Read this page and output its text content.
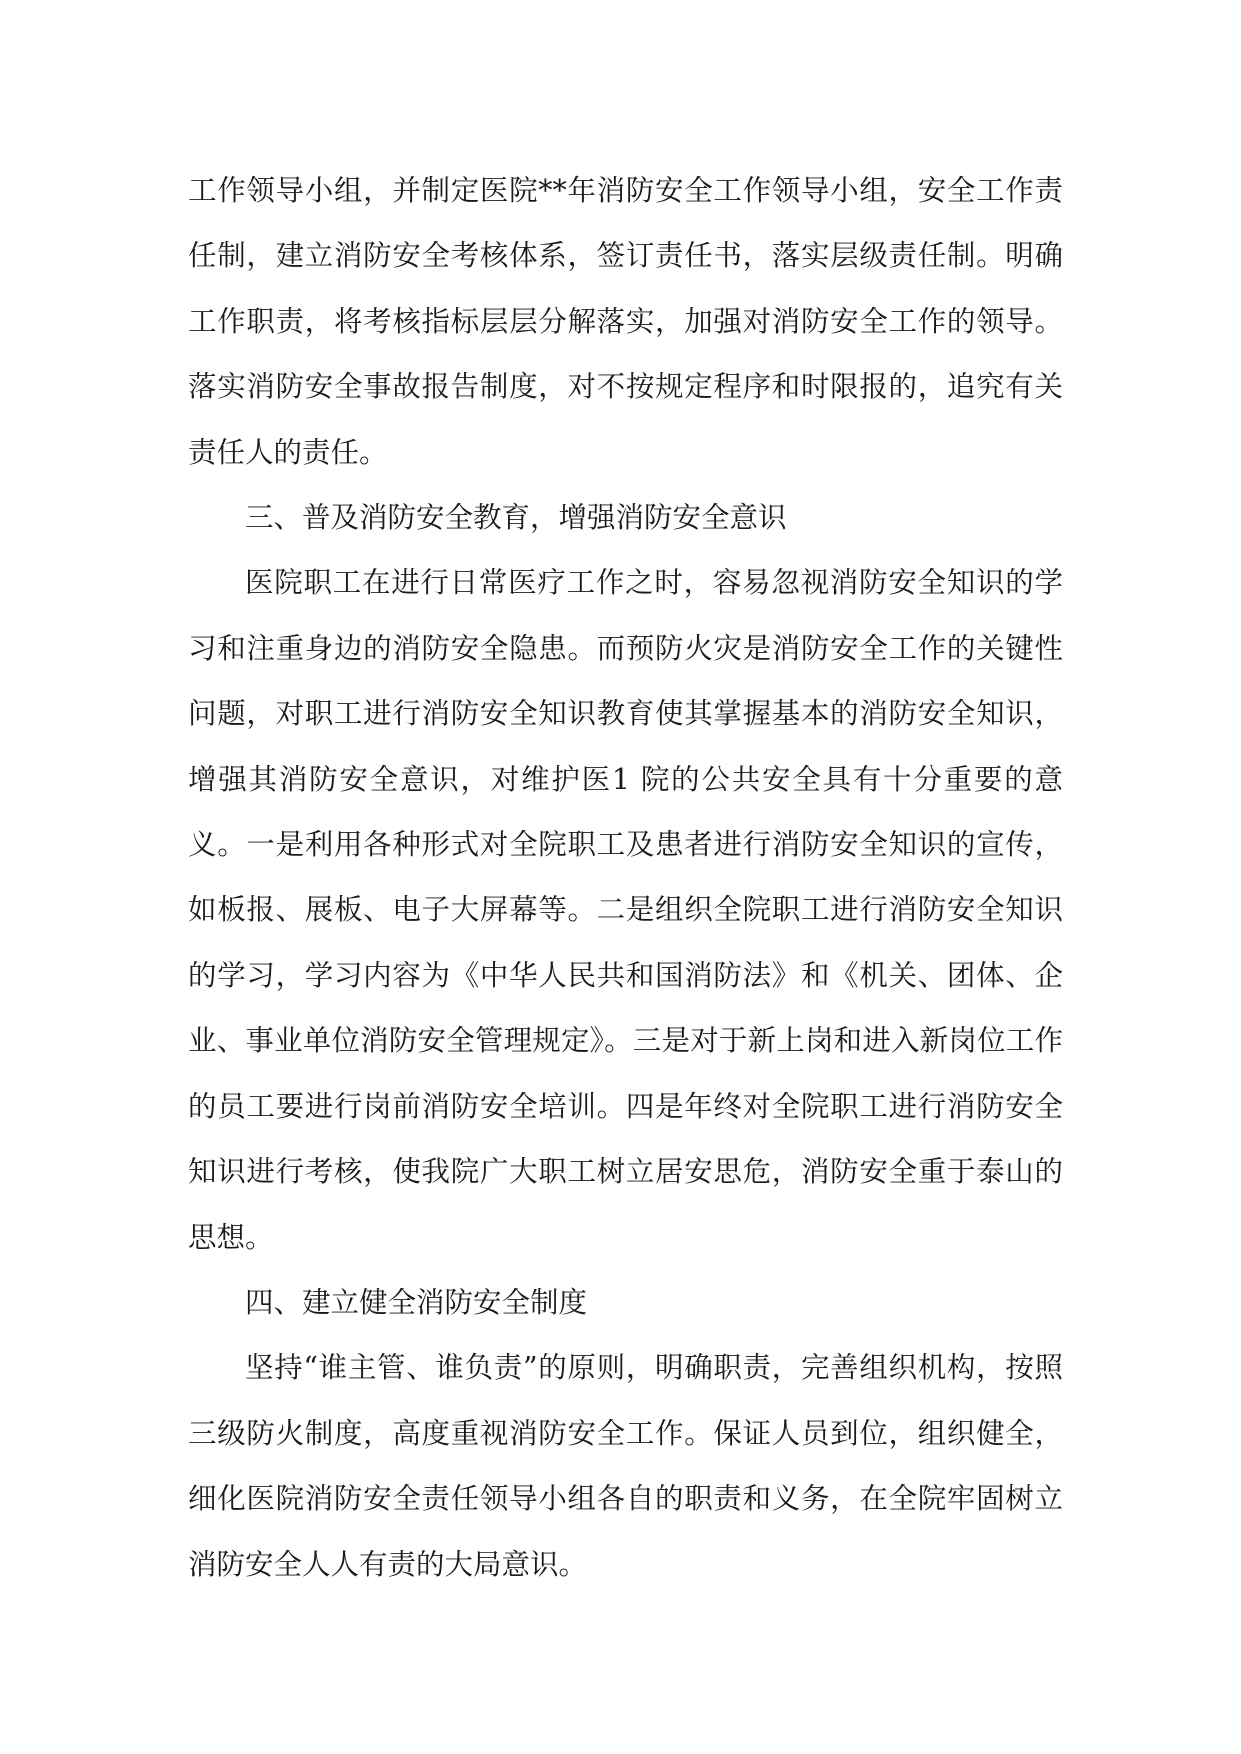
工作领导小组，并制定医院**年消防安全工作领导小组，安全工作责任制，建立消防安全考核体系，签订责任书，落实层级责任制。明确工作职责，将考核指标层层分解落实，加强对消防安全工作的领导。落实消防安全事故报告制度，对不按规定程序和时限报的，追究有关责任人的责任。

三、普及消防安全教育，增强消防安全意识

医院职工在进行日常医疗工作之时，容易忽视消防安全知识的学习和注重身边的消防安全隐患。而预防火灾是消防安全工作的关键性问题，对职工进行消防安全知识教育使其掌握基本的消防安全知识，增强其消防安全意识，对维护医1 院的公共安全具有十分重要的意义。一是利用各种形式对全院职工及患者进行消防安全知识的宣传，如板报、展板、电子大屏幕等。二是组织全院职工进行消防安全知识的学习，学习内容为《中华人民共和国消防法》和《机关、团体、企业、事业单位消防安全管理规定》。三是对于新上岗和进入新岗位工作的员工要进行岗前消防安全培训。四是年终对全院职工进行消防安全知识进行考核，使我院广大职工树立居安思危，消防安全重于泰山的思想。

四、建立健全消防安全制度

坚持“谁主管、谁负责”的原则，明确职责，完善组织机构，按照三级防火制度，高度重视消防安全工作。保证人员到位，组织健全，细化医院消防安全责任领导小组各自的职责和义务，在全院牢固树立消防安全人人有责的大局意识。
